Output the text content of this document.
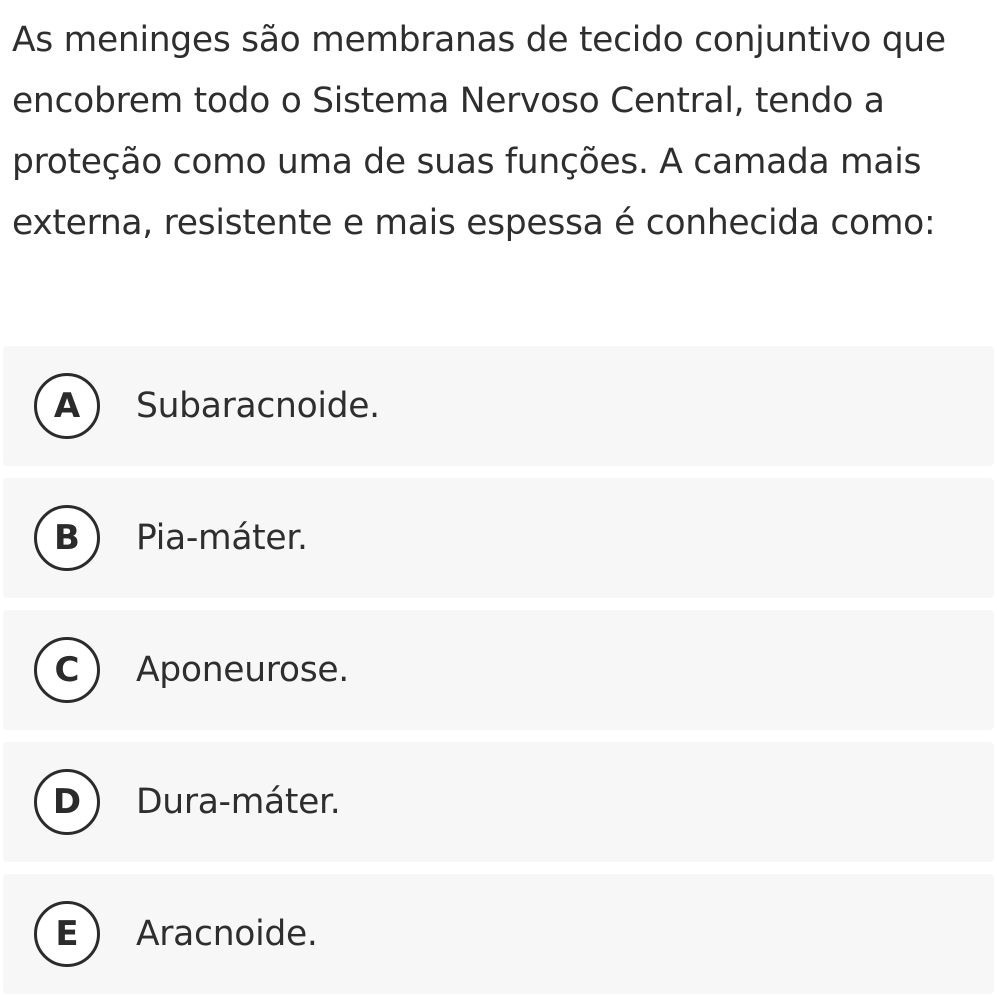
As meninges são membranas de tecido conjuntivo que encobrem todo o Sistema Nervoso Central, tendo a proteção como uma de suas funções. A camada mais externa, resistente e mais espessa é conhecida como:

A	Subaracnoide.
B	Pia-máter.
C	Aponeurose.
D	Dura-máter.
E	Aracnoide.
